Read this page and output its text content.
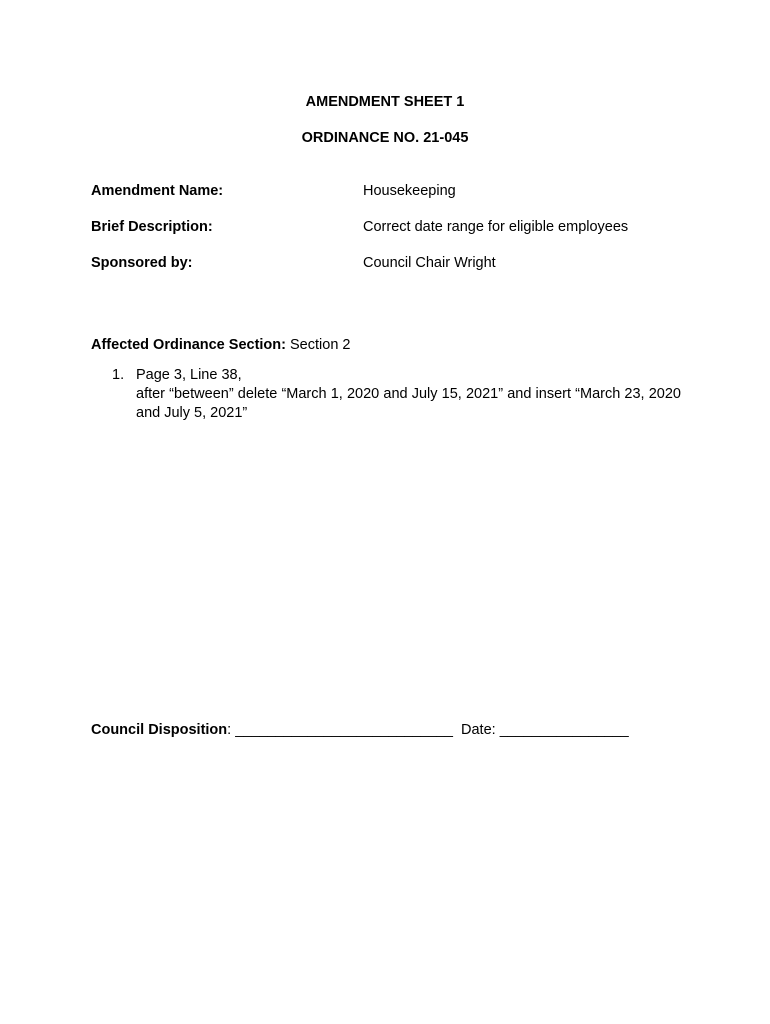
AMENDMENT SHEET 1
ORDINANCE NO. 21-045
Amendment Name:	Housekeeping
Brief Description:	Correct date range for eligible employees
Sponsored by:	Council Chair Wright
Affected Ordinance Section: Section 2
1. Page 3, Line 38,
after “between” delete “March 1, 2020 and July 15, 2021” and insert “March 23, 2020 and July 5, 2021”
Council Disposition: ___________________________  Date: ________________
